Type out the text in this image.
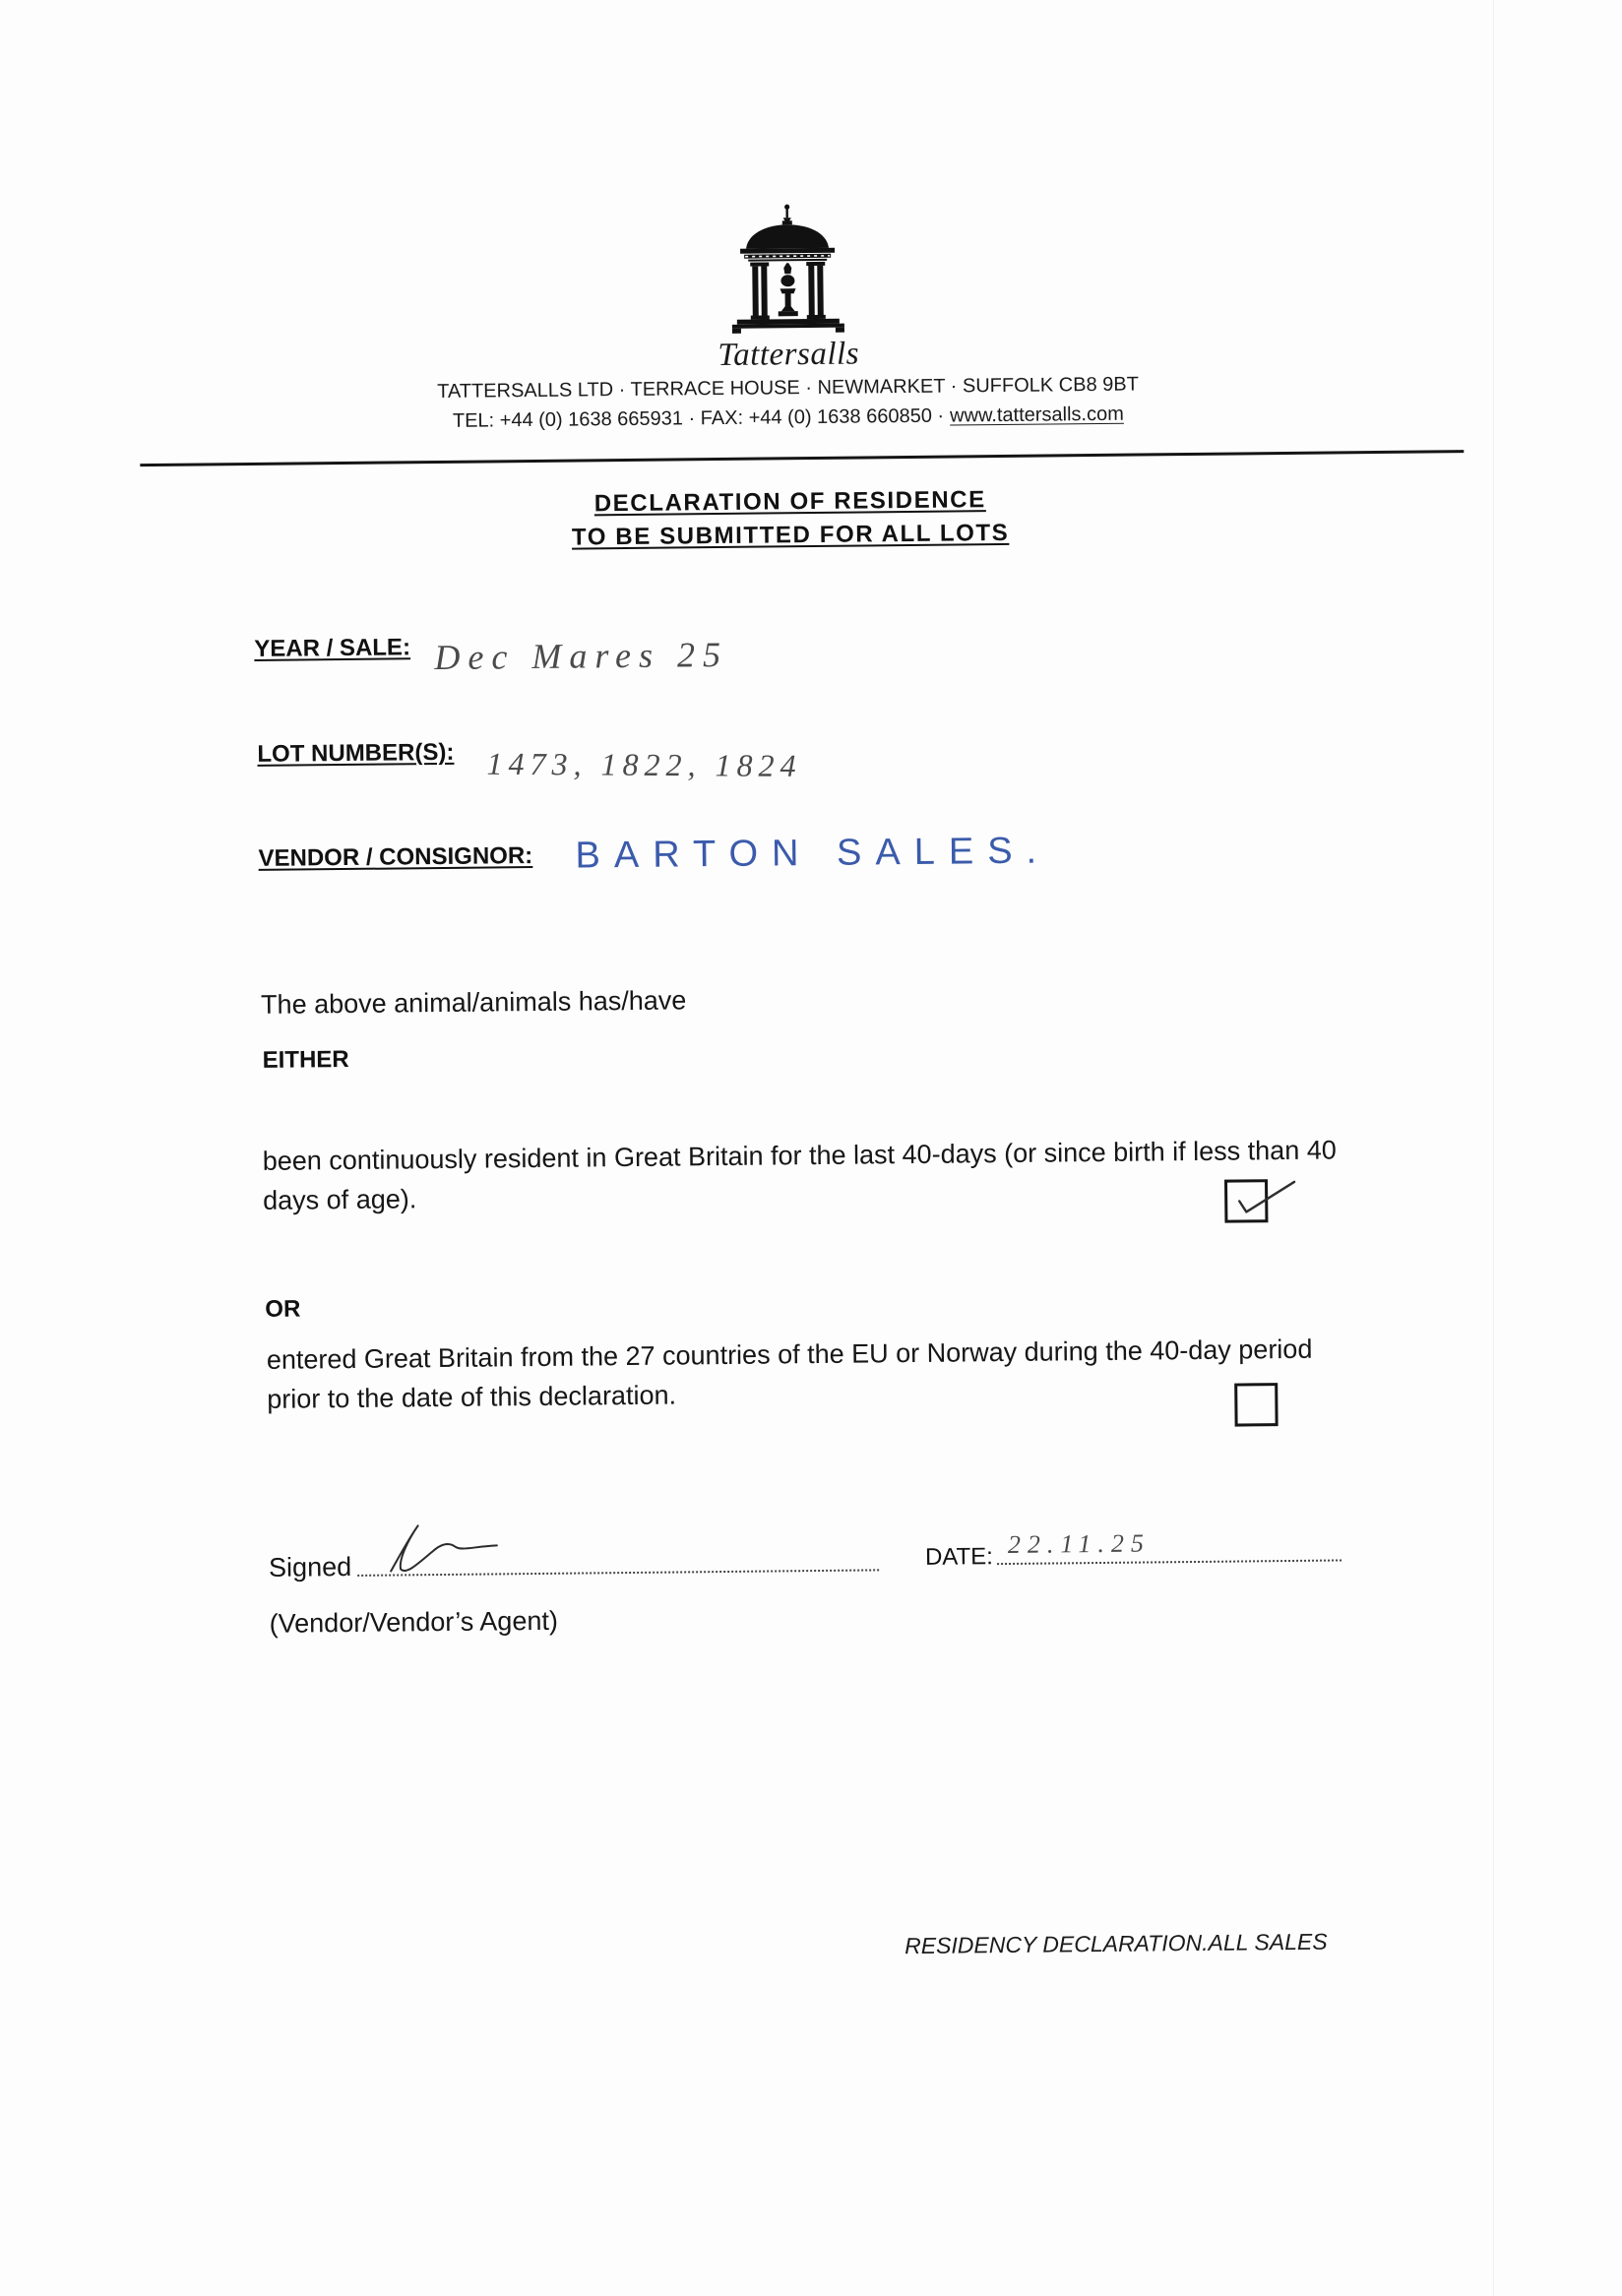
Tattersalls
TATTERSALLS LTD · TERRACE HOUSE · NEWMARKET · SUFFOLK CB8 9BT
TEL: +44 (0) 1638 665931 · FAX: +44 (0) 1638 660850 · www.tattersalls.com
DECLARATION OF RESIDENCE
TO BE SUBMITTED FOR ALL LOTS
YEAR / SALE: Dec Mares 25
LOT NUMBER(S): 1473, 1822, 1824
VENDOR / CONSIGNOR: BARTON SALES.
The above animal/animals has/have
EITHER
been continuously resident in Great Britain for the last 40-days (or since birth if less than 40
days of age).
OR
entered Great Britain from the 27 countries of the EU or Norway during the 40-day period
prior to the date of this declaration.
Signed	DATE: 22.11.25
(Vendor/Vendor’s Agent)
RESIDENCY DECLARATION.ALL SALES
